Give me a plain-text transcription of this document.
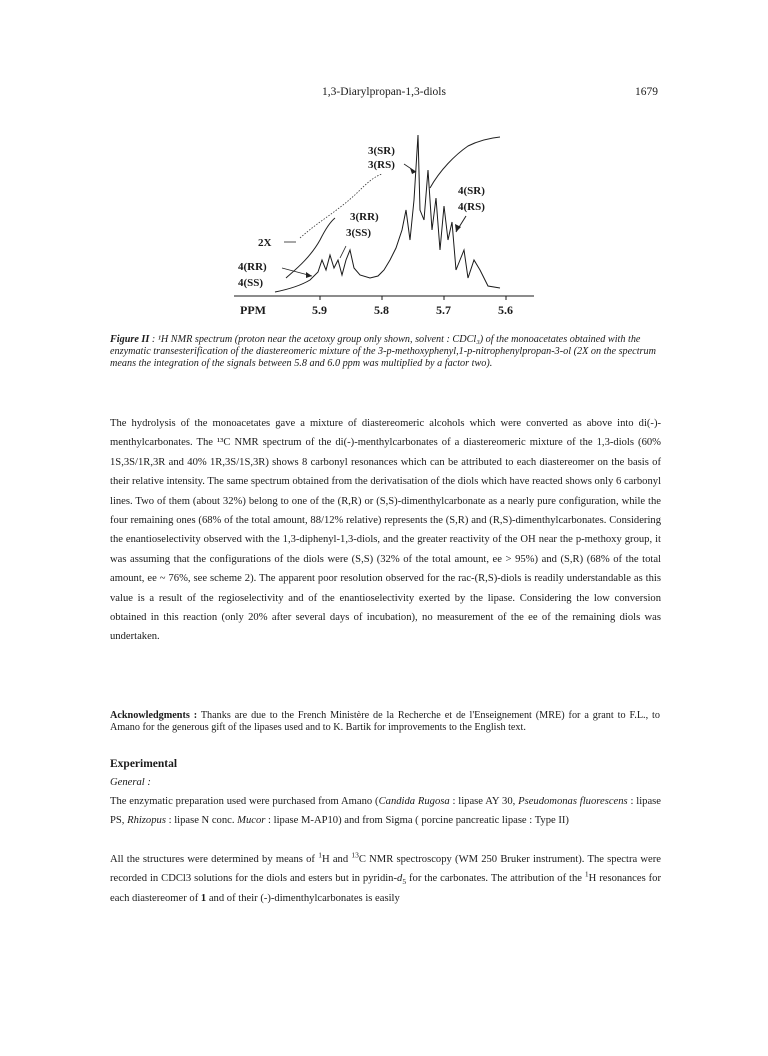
1,3-Diarylpropan-1,3-diols	1679
3(SR)
3(RS)
4(SR)
4(RS)
3(RR)
3(SS)
2X
4(RR)
4(SS)
PPM	5.9	5.8	5.7	5.6
Figure II : ¹H NMR spectrum (proton near the acetoxy group only shown, solvent : CDCl₃) of the monoacetates obtained with the enzymatic transesterification of the diastereomeric mixture of the 3-p-methoxyphenyl,1-p-nitrophenylpropan-3-ol (2X on the spectrum means the integration of the signals between 5.8 and 6.0 ppm was multiplied by a factor two).
The hydrolysis of the monoacetates gave a mixture of diastereomeric alcohols which were converted as above into di(-)-menthylcarbonates. The ¹³C NMR spectrum of the di(-)-menthylcarbonates of a diastereomeric mixture of the 1,3-diols (60% 1S,3S/1R,3R and 40% 1R,3S/1S,3R) shows 8 carbonyl resonances which can be attributed to each diastereomer on the basis of their relative intensity. The same spectrum obtained from the derivatisation of the diols which have reacted shows only 6 carbonyl lines. Two of them (about 32%) belong to one of the (R,R) or (S,S)-dimenthylcarbonate as a nearly pure configuration, while the four remaining ones (68% of the total amount, 88/12% relative) represents the (S,R) and (R,S)-dimenthylcarbonates. Considering the enantioselectivity observed with the 1,3-diphenyl-1,3-diols, and the greater reactivity of the OH near the p-methoxy group, it was assuming that the configurations of the diols were (S,S) (32% of the total amount, ee > 95%) and (S,R) (68% of the total amount, ee ~ 76%, see scheme 2). The apparent poor resolution observed for the rac-(R,S)-diols is readily understandable as this value is a result of the regioselectivity and of the enantioselectivity exerted by the lipase. Considering the low conversion obtained in this reaction (only 20% after several days of incubation), no measurement of the ee of the remaining diols was undertaken.
Acknowledgments : Thanks are due to the French Ministère de la Recherche et de l'Enseignement (MRE) for a grant to F.L., to Amano for the generous gift of the lipases used and to K. Bartik for improvements to the English text.
Experimental
General :
The enzymatic preparation used were purchased from Amano (Candida Rugosa : lipase AY 30, Pseudomonas fluorescens : lipase PS, Rhizopus : lipase N conc. Mucor : lipase M-AP10) and from Sigma ( porcine pancreatic lipase : Type II)
All the structures were determined by means of $^1$H and $^{13}$C NMR spectroscopy (WM 250 Bruker instrument). The spectra were recorded in CDCl3 solutions for the diols and esters but in pyridin-$d_5$ for the carbonates. The attribution of the $^1$H resonances for each diastereomer of 1 and of their (-)-dimenthylcarbonates is easily
